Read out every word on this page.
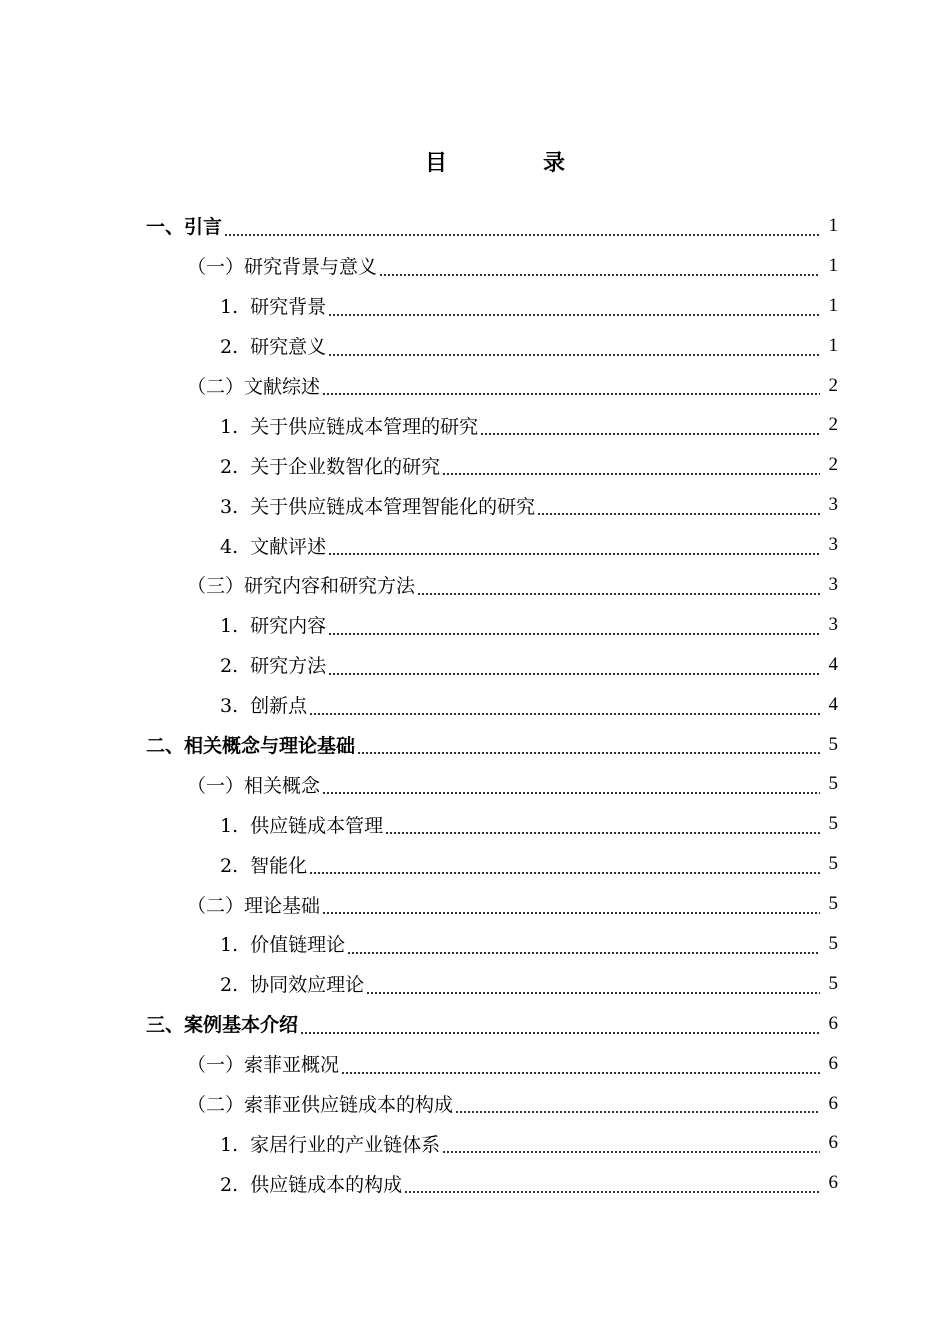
目	录
一、引言	1
（一）研究背景与意义	1
1. 研究背景	1
2. 研究意义	1
（二）文献综述	2
1. 关于供应链成本管理的研究	2
2. 关于企业数智化的研究	2
3. 关于供应链成本管理智能化的研究	3
4. 文献评述	3
（三）研究内容和研究方法	3
1. 研究内容	3
2. 研究方法	4
3. 创新点	4
二、相关概念与理论基础	5
（一）相关概念	5
1. 供应链成本管理	5
2. 智能化	5
（二）理论基础	5
1. 价值链理论	5
2. 协同效应理论	5
三、案例基本介绍	6
（一）索菲亚概况	6
（二）索菲亚供应链成本的构成	6
1. 家居行业的产业链体系	6
2. 供应链成本的构成	6
